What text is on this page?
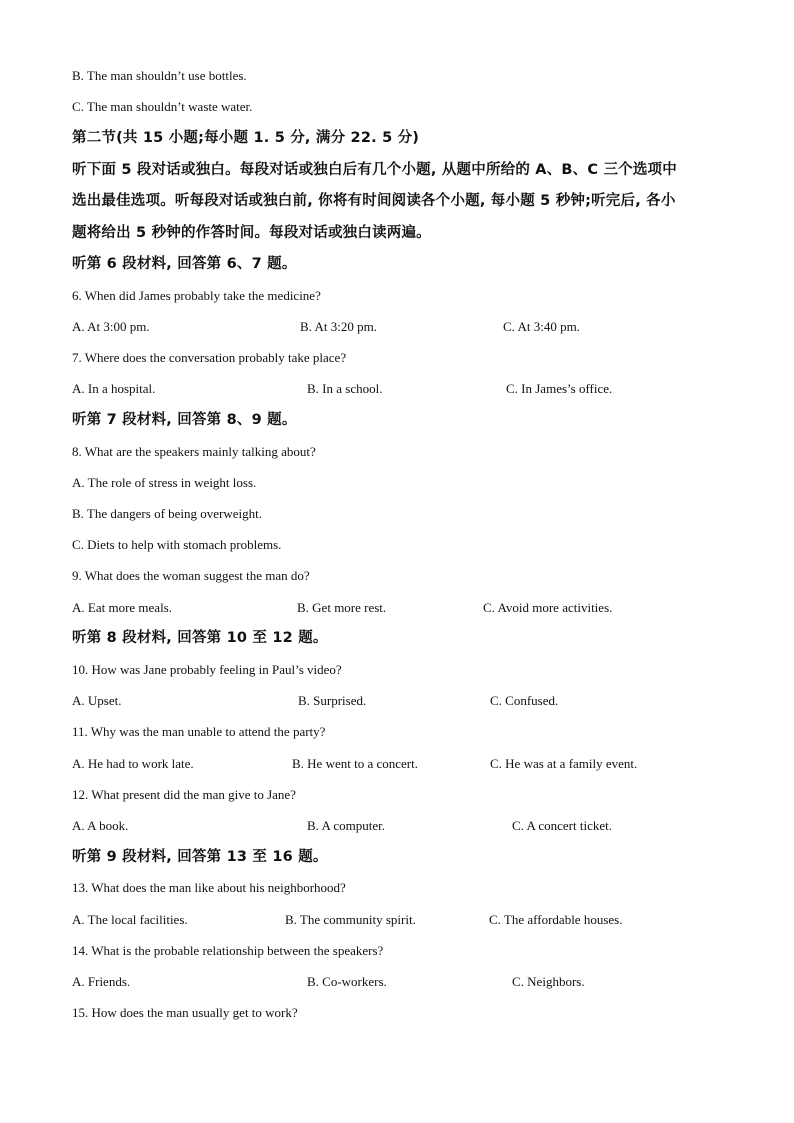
B. The man shouldn’t use bottles.
C. The man shouldn’t waste water.
第二节(共 15 小题;每小题 1. 5 分, 满分 22. 5 分)
听下面 5 段对话或独白。每段对话或独白后有几个小题, 从题中所给的 A、B、C 三个选项中
选出最佳选项。听每段对话或独白前, 你将有时间阅读各个小题, 每小题 5 秒钟;听完后, 各小
题将给出 5 秒钟的作答时间。每段对话或独白读两遍。
听第 6 段材料, 回答第 6、7 题。
6. When did James probably take the medicine?
A. At 3:00 pm.	B. At 3:20 pm.	C. At 3:40 pm.
7. Where does the conversation probably take place?
A. In a hospital.	B. In a school.	C. In James’s office.
听第 7 段材料, 回答第 8、9 题。
8. What are the speakers mainly talking about?
A. The role of stress in weight loss.
B. The dangers of being overweight.
C. Diets to help with stomach problems.
9. What does the woman suggest the man do?
A. Eat more meals.	B. Get more rest.	C. Avoid more activities.
听第 8 段材料, 回答第 10 至 12 题。
10. How was Jane probably feeling in Paul’s video?
A. Upset.	B. Surprised.	C. Confused.
11. Why was the man unable to attend the party?
A. He had to work late.	B. He went to a concert.	C. He was at a family event.
12. What present did the man give to Jane?
A. A book.	B. A computer.	C. A concert ticket.
听第 9 段材料, 回答第 13 至 16 题。
13. What does the man like about his neighborhood?
A. The local facilities.	B. The community spirit.	C. The affordable houses.
14. What is the probable relationship between the speakers?
A. Friends.	B. Co-workers.	C. Neighbors.
15. How does the man usually get to work?
